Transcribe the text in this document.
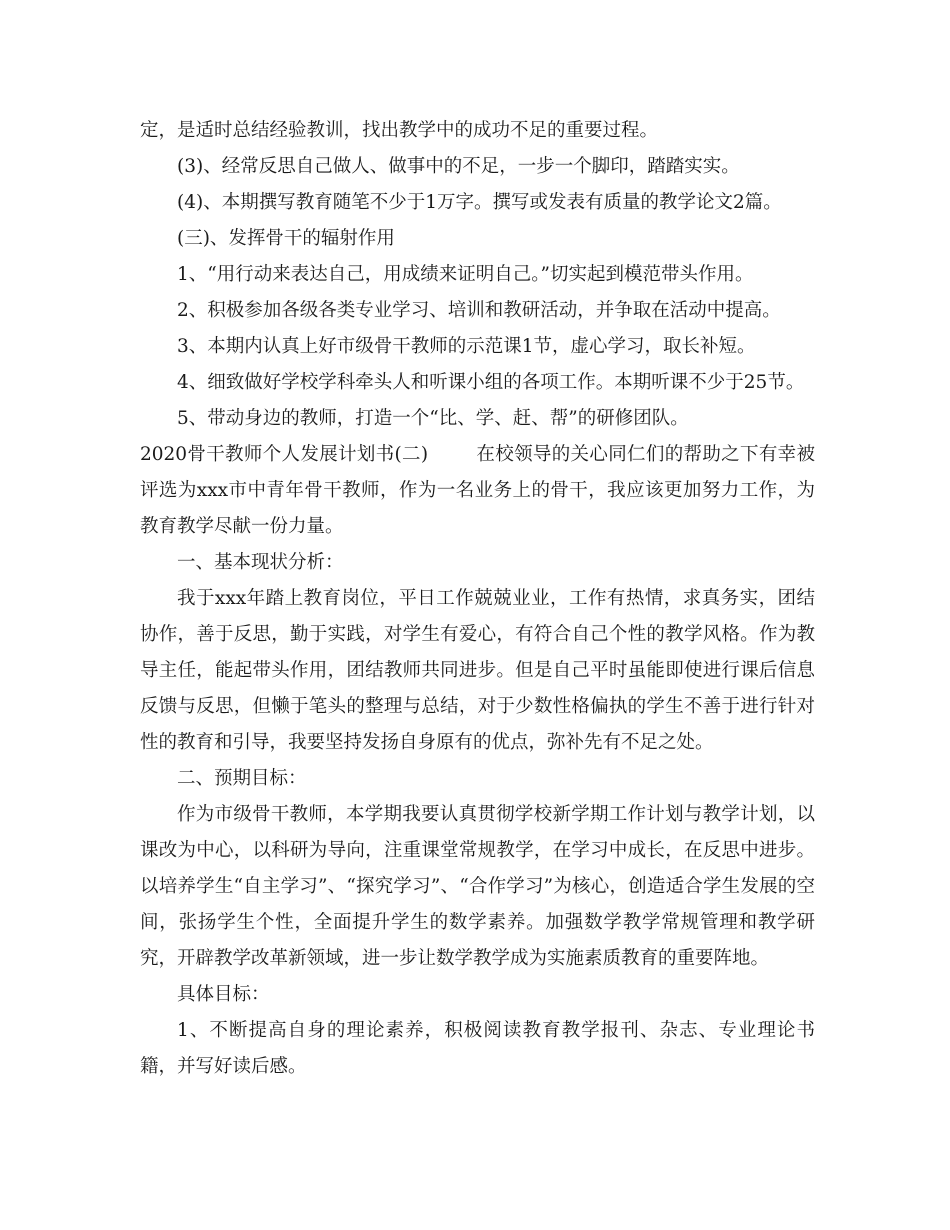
定，是适时总结经验教训，找出教学中的成功不足的重要过程。

(3)、经常反思自己做人、做事中的不足，一步一个脚印，踏踏实实。

(4)、本期撰写教育随笔不少于1万字。撰写或发表有质量的教学论文2篇。

(三)、发挥骨干的辐射作用

1、“用行动来表达自己，用成绩来证明自己。”切实起到模范带头作用。

2、积极参加各级各类专业学习、培训和教研活动，并争取在活动中提高。

3、本期内认真上好市级骨干教师的示范课1节，虚心学习，取长补短。

4、细致做好学校学科牵头人和听课小组的各项工作。本期听课不少于25节。

5、带动身边的教师，打造一个“比、学、赶、帮”的研修团队。

2020骨干教师个人发展计划书(二)	在校领导的关心同仁们的帮助之下有幸被评选为xxx市中青年骨干教师，作为一名业务上的骨干，我应该更加努力工作，为教育教学尽献一份力量。

一、基本现状分析：

我于xxx年踏上教育岗位，平日工作兢兢业业，工作有热情，求真务实，团结协作，善于反思，勤于实践，对学生有爱心，有符合自己个性的教学风格。作为教导主任，能起带头作用，团结教师共同进步。但是自己平时虽能即使进行课后信息反馈与反思，但懒于笔头的整理与总结，对于少数性格偏执的学生不善于进行针对性的教育和引导，我要坚持发扬自身原有的优点，弥补先有不足之处。

二、预期目标：

作为市级骨干教师，本学期我要认真贯彻学校新学期工作计划与教学计划，以课改为中心，以科研为导向，注重课堂常规教学，在学习中成长，在反思中进步。以培养学生“自主学习”、“探究学习”、“合作学习”为核心，创造适合学生发展的空间，张扬学生个性，全面提升学生的数学素养。加强数学教学常规管理和教学研究，开辟教学改革新领域，进一步让数学教学成为实施素质教育的重要阵地。

具体目标：

1、不断提高自身的理论素养，积极阅读教育教学报刊、杂志、专业理论书籍，并写好读后感。
